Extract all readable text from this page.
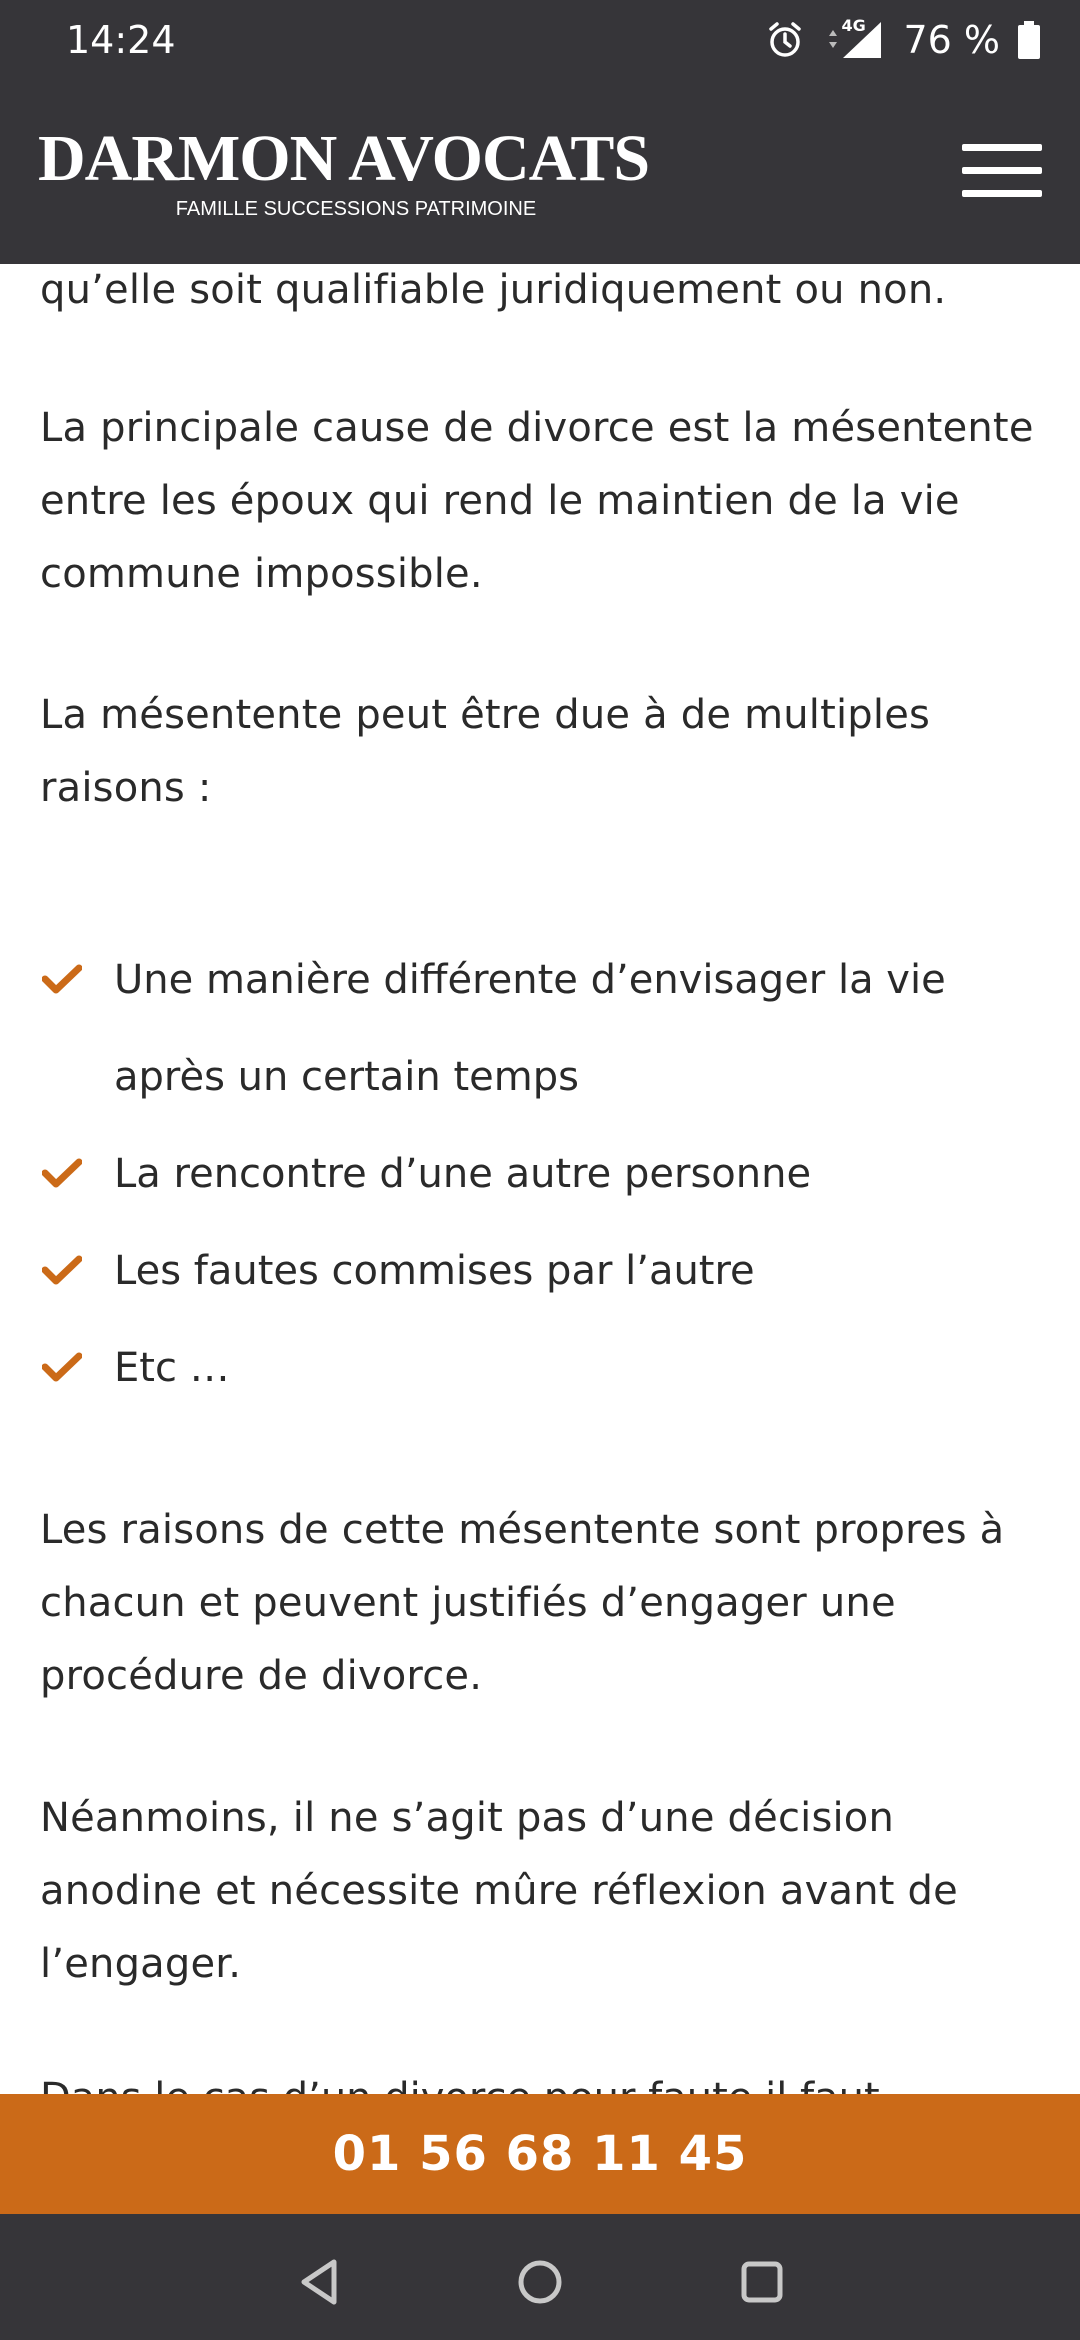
14:24	4G 76 %
DARMON AVOCATS
FAMILLE SUCCESSIONS PATRIMOINE

qu’elle soit qualifiable juridiquement ou non.

La principale cause de divorce est la mésentente
entre les époux qui rend le maintien de la vie
commune impossible.

La mésentente peut être due à de multiples
raisons :

Une manière différente d’envisager la vie
après un certain temps
La rencontre d’une autre personne
Les fautes commises par l’autre
Etc …

Les raisons de cette mésentente sont propres à
chacun et peuvent justifiés d’engager une
procédure de divorce.

Néanmoins, il ne s’agit pas d’une décision
anodine et nécessite mûre réflexion avant de
l’engager.

01 56 68 11 45
